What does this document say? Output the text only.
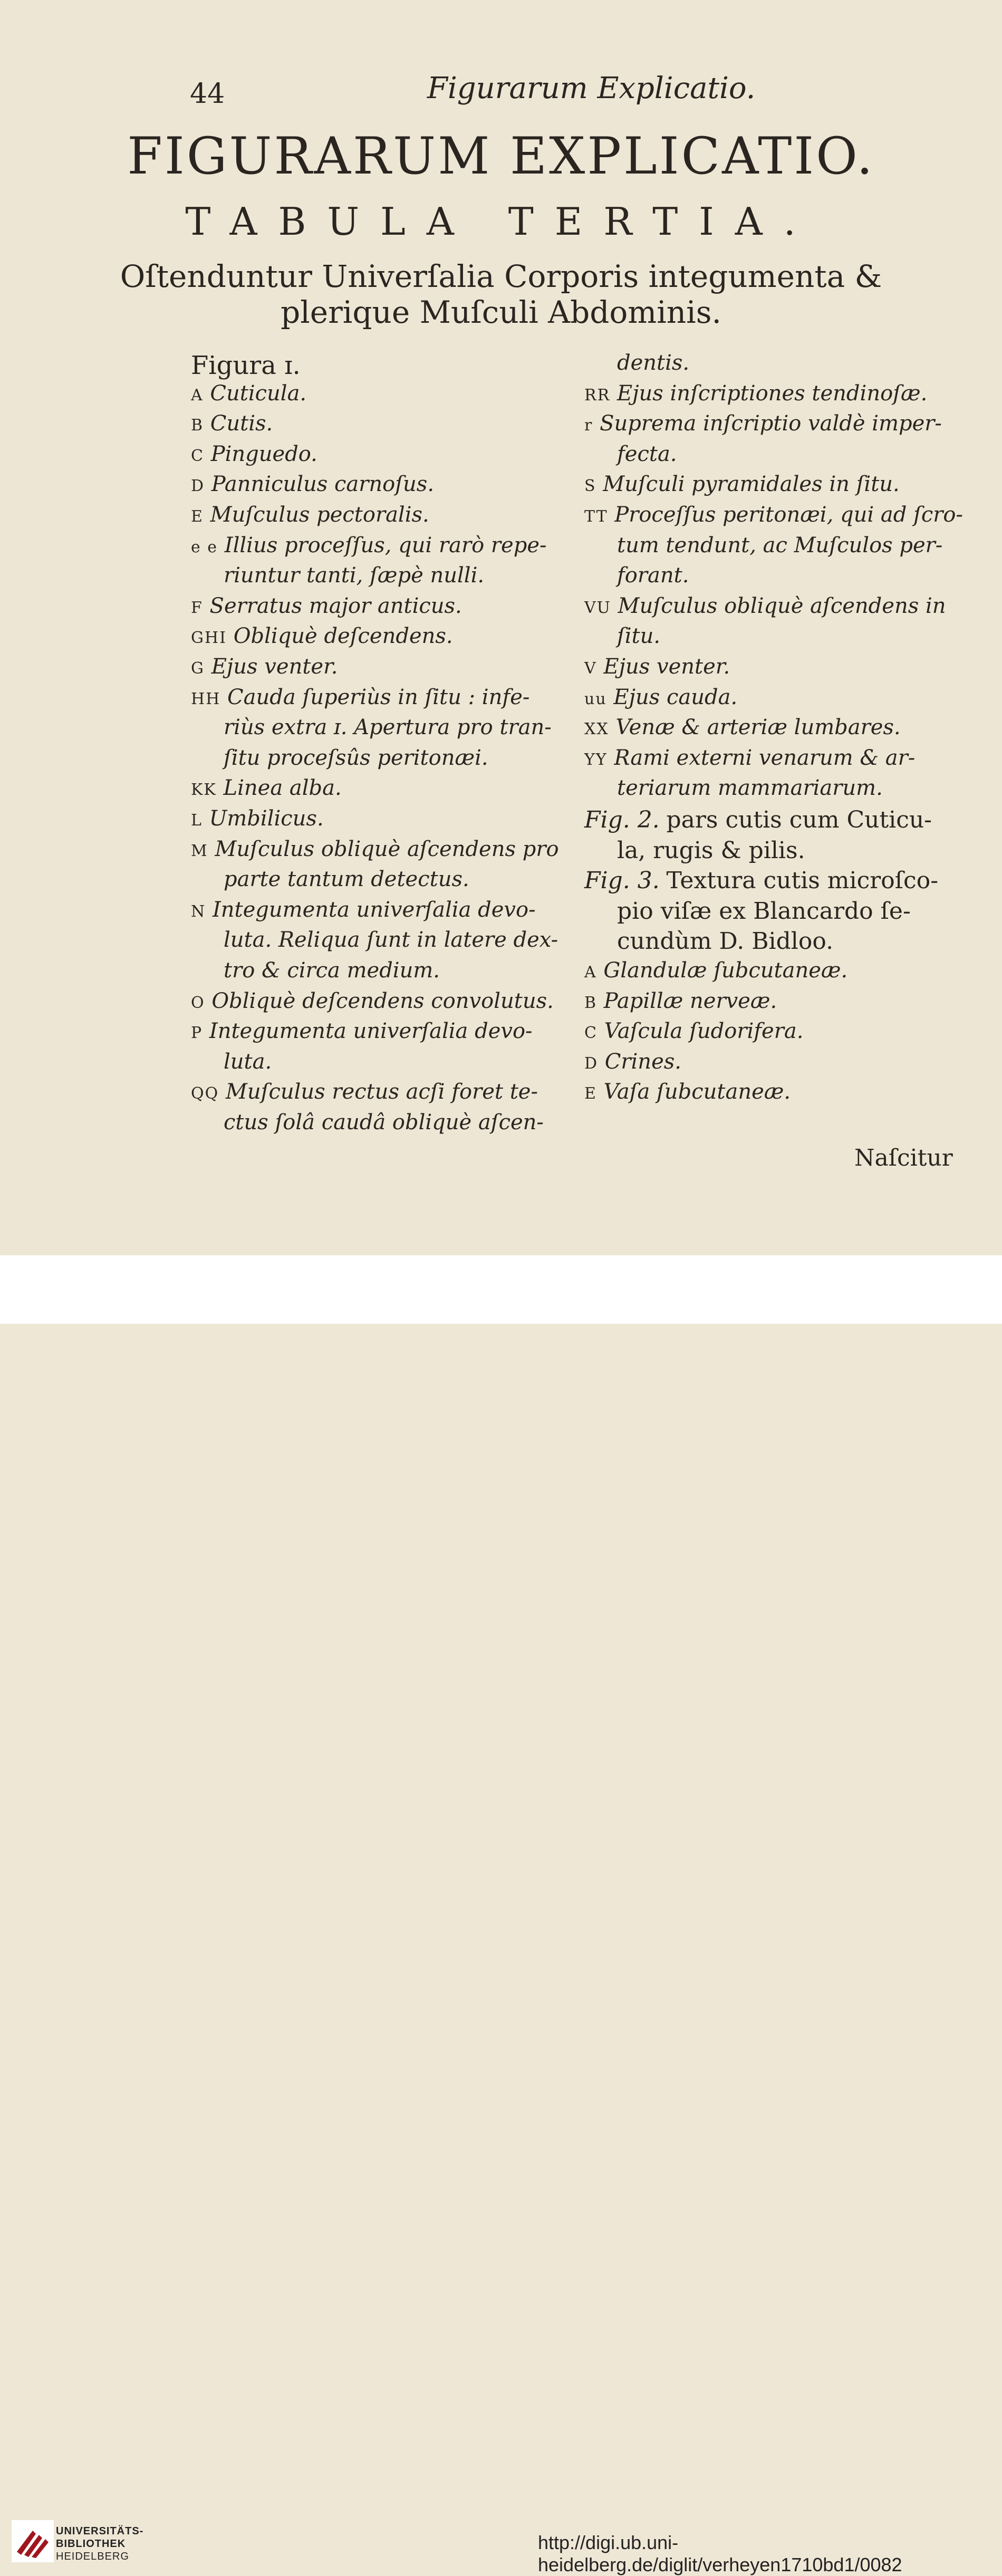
44	Figurarum Explicatio.
FIGURARUM EXPLICATIO.
TABULA TERTIA.
Oſtenduntur Univerſalia Corporis integumenta &
plerique Muſculi Abdominis.
Figura ɪ.
A Cuticula.
B Cutis.
C Pinguedo.
D Panniculus carnoſus.
E Muſculus pectoralis.
e e Illius proceſſus, qui rarò repe-
riuntur tanti, ſæpè nulli.
F Serratus major anticus.
GHI Obliquè deſcendens.
G Ejus venter.
HH Cauda ſuperiùs in ſitu : infe-
riùs extra ɪ. Apertura pro tran-
ſitu proceſsûs peritonæi.
KK Linea alba.
L Umbilicus.
M Muſculus obliquè aſcendens pro
parte tantum detectus.
N Integumenta univerſalia devo-
luta. Reliqua ſunt in latere dex-
tro & circa medium.
O Obliquè deſcendens convolutus.
P Integumenta univerſalia devo-
luta.
QQ Muſculus rectus acſi foret te-
ctus ſolâ caudâ obliquè aſcen-
dentis.
RR Ejus inſcriptiones tendinoſæ.
r Suprema inſcriptio valdè imper-
fecta.
S Muſculi pyramidales in ſitu.
TT Proceſſus peritonæi, qui ad ſcro-
tum tendunt, ac Muſculos per-
forant.
VU Muſculus obliquè aſcendens in
ſitu.
V Ejus venter.
uu Ejus cauda.
XX Venæ & arteriæ lumbares.
YY Rami externi venarum & ar-
teriarum mammariarum.
Fig. 2. pars cutis cum Cuticu-
la, rugis & pilis.
Fig. 3. Textura cutis microſco-
pio viſæ ex Blancardo ſe-
cundùm D. Bidloo.
A Glandulæ ſubcutaneæ.
B Papillæ nerveæ.
C Vaſcula ſudorifera.
D Crines.
E Vaſa ſubcutaneæ.
Naſcitur
UNIVERSITÄTS-
BIBLIOTHEK
HEIDELBERG
http://digi.ub.uni-heidelberg.de/diglit/verheyen1710bd1/0082
